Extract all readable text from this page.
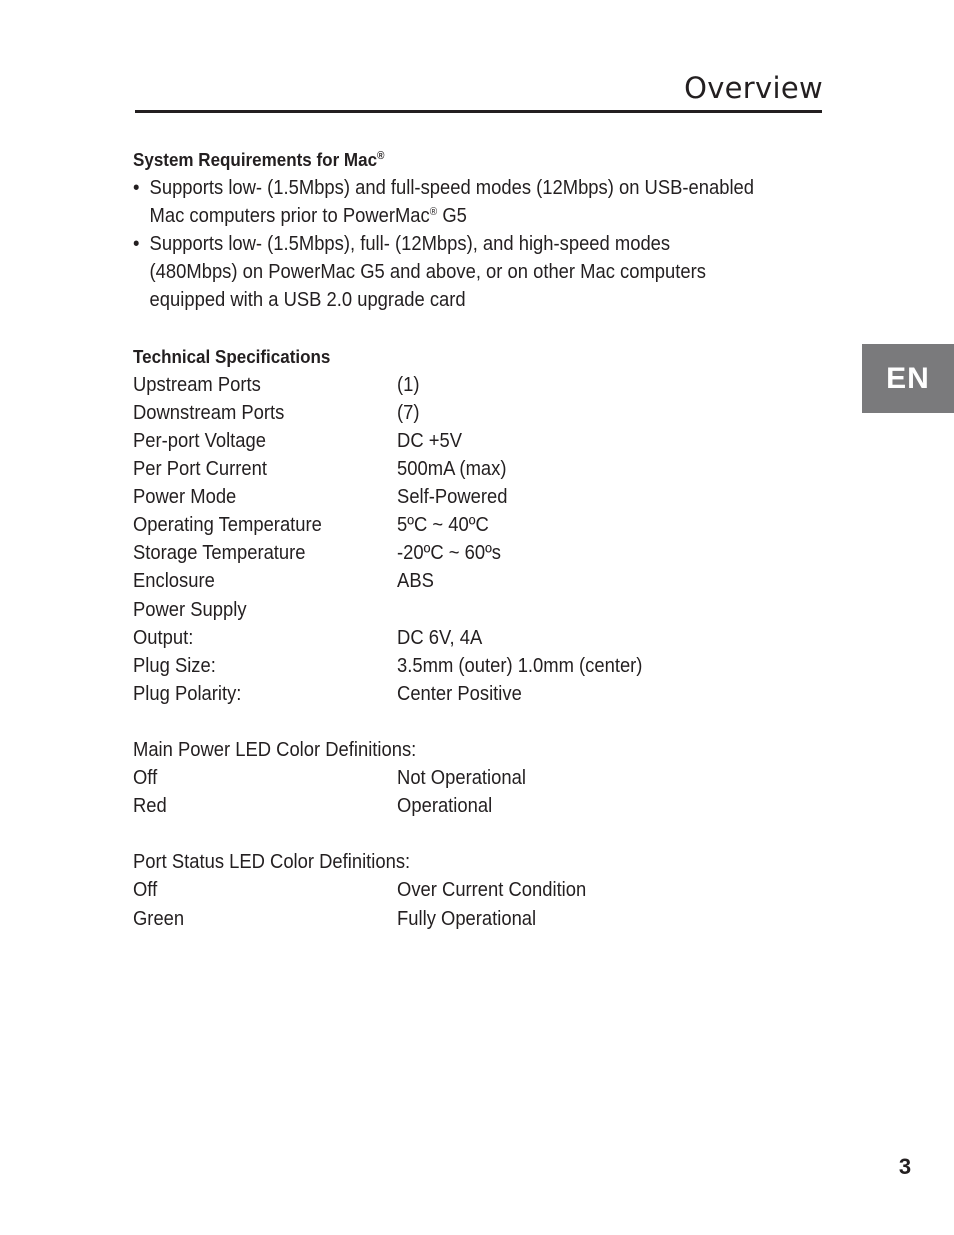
Overview

System Requirements for Mac®

• Supports low- (1.5Mbps) and full-speed modes (12Mbps) on USB-enabled

Mac computers prior to PowerMac® G5

• Supports low- (1.5Mbps), full- (12Mbps), and high-speed modes

(480Mbps) on PowerMac G5 and above, or on other Mac computers

equipped with a USB 2.0 upgrade card

Technical Specifications

Upstream Ports	(1)
Downstream Ports	(7)
Per-port Voltage	DC +5V
Per Port Current	500mA (max)
Power Mode	Self-Powered
Operating Temperature	5ºC ~ 40ºC
Storage Temperature	-20ºC ~ 60ºs
Enclosure	ABS
Power Supply
Output:	DC 6V, 4A
Plug Size:	3.5mm (outer) 1.0mm (center)
Plug Polarity:	Center Positive

Main Power LED Color Definitions:

Off	Not Operational
Red	Operational

Port Status LED Color Definitions:

Off	Over Current Condition
Green	Fully Operational
EN
3
